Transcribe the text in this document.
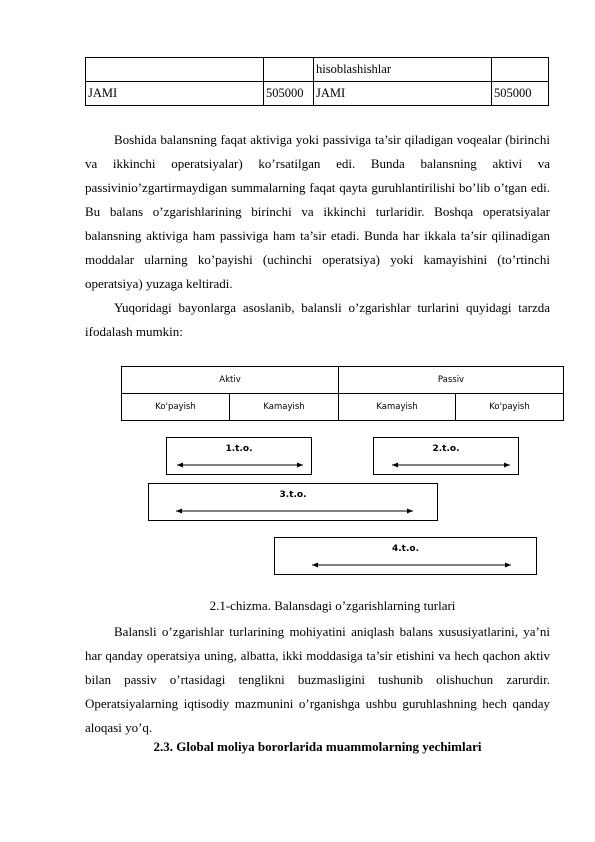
		hisoblashishlar	
JAMI	505000	JAMI	505000

Boshida balansning faqat aktiviga yoki passiviga ta’sir qiladigan voqealar (birinchi va ikkinchi operatsiyalar) ko’rsatilgan edi. Bunda balansning aktivi va passivinio’zgartirmaydigan summalarning faqat qayta guruhlantirilishi bo’lib o’tgan edi. Bu balans o’zgarishlarining birinchi va ikkinchi turlaridir. Boshqa operatsiyalar balansning aktiviga ham passiviga ham ta’sir etadi. Bunda har ikkala ta’sir qilinadigan moddalar ularning ko’payishi (uchinchi operatsiya) yoki kamayishini (to’rtinchi operatsiya) yuzaga keltiradi.

Yuqoridagi bayonlarga asoslanib, balansli o’zgarishlar turlarini quyidagi tarzda ifodalash mumkin:

Aktiv		Passiv	
Ko'payish	Kamayish	Kamayish	Ko'payish
1.t.o.	2.t.o.
3.t.o.
4.t.o.
2.1-chizma. Balansdagi o’zgarishlarning turlari

Balansli o’zgarishlar turlarining mohiyatini aniqlash balans xususiyatlarini, ya’ni har qanday operatsiya uning, albatta, ikki moddasiga ta’sir etishini va hech qachon aktiv bilan passiv o’rtasidagi tenglikni buzmasligini tushunib olishuchun zarurdir. Operatsiyalarning iqtisodiy mazmunini o’rganishga ushbu guruhlashning hech qanday aloqasi yo’q.

2.3. Global moliya bororlarida muammolarning yechimlari
